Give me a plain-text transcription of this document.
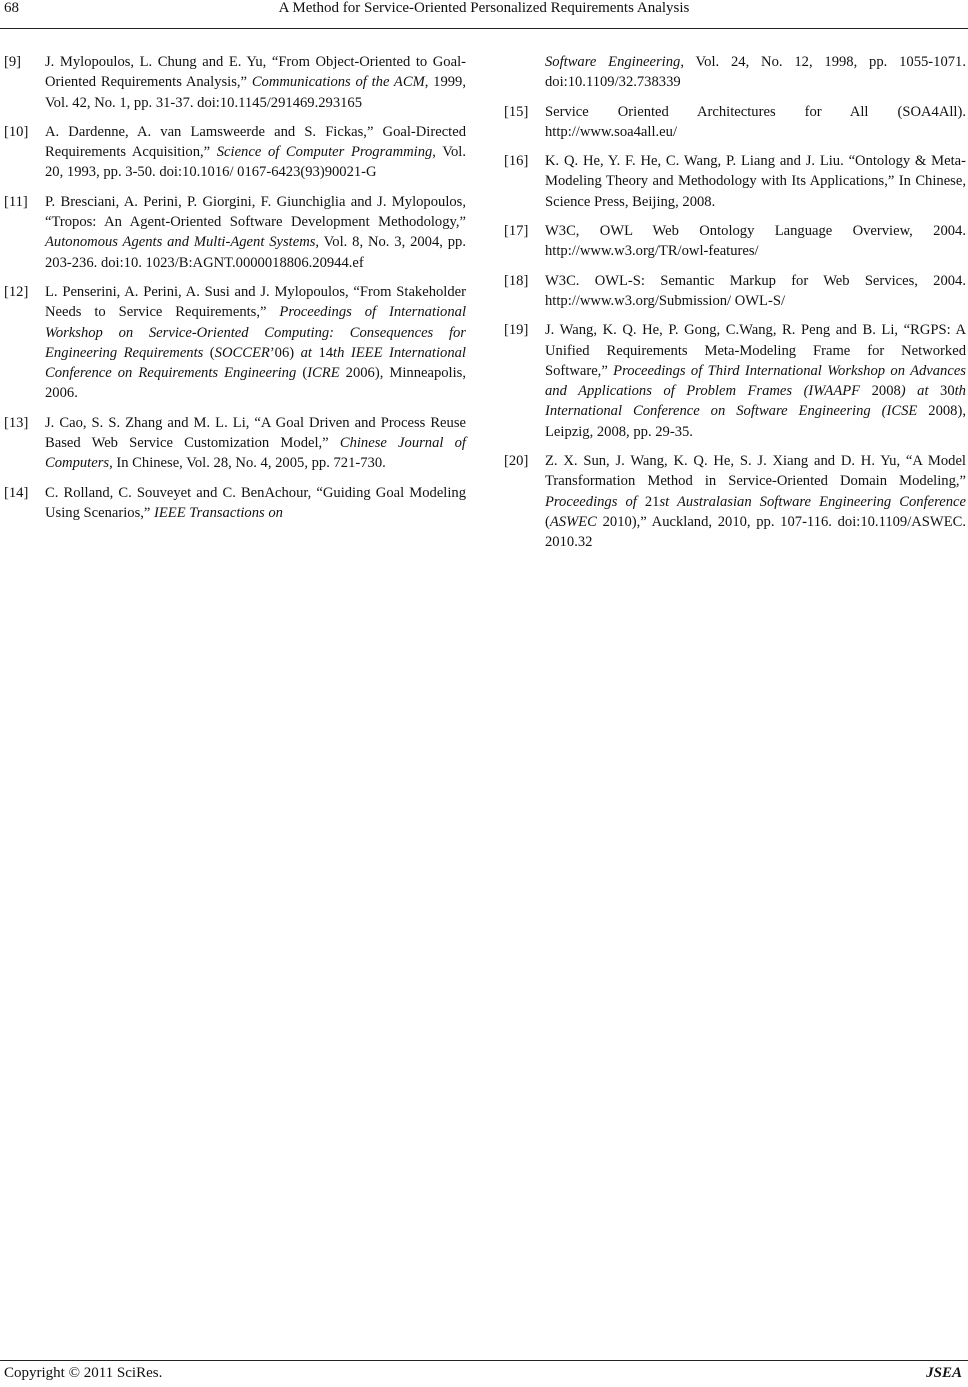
68	A Method for Service-Oriented Personalized Requirements Analysis
[9]	J. Mylopoulos, L. Chung and E. Yu, “From Object-Oriented to Goal-Oriented Requirements Analysis,” Communications of the ACM, 1999, Vol. 42, No. 1, pp. 31-37. doi:10.1145/291469.293165
[10]	A. Dardenne, A. van Lamsweerde and S. Fickas,” Goal-Directed Requirements Acquisition,” Science of Computer Programming, Vol. 20, 1993, pp. 3-50. doi:10.1016/ 0167-6423(93)90021-G
[11]	P. Bresciani, A. Perini, P. Giorgini, F. Giunchiglia and J. Mylopoulos, “Tropos: An Agent-Oriented Software Development Methodology,” Autonomous Agents and Multi-Agent Systems, Vol. 8, No. 3, 2004, pp. 203-236. doi:10. 1023/B:AGNT.0000018806.20944.ef
[12]	L. Penserini, A. Perini, A. Susi and J. Mylopoulos, “From Stakeholder Needs to Service Requirements,” Proceedings of International Workshop on Service-Oriented Computing: Consequences for Engineering Requirements (SOCCER’06) at 14th IEEE International Conference on Requirements Engineering (ICRE 2006), Minneapolis, 2006.
[13]	J. Cao, S. S. Zhang and M. L. Li, “A Goal Driven and Process Reuse Based Web Service Customization Model,” Chinese Journal of Computers, In Chinese, Vol. 28, No. 4, 2005, pp. 721-730.
[14]	C. Rolland, C. Souveyet and C. BenAchour, “Guiding Goal Modeling Using Scenarios,” IEEE Transactions on
Software Engineering, Vol. 24, No. 12, 1998, pp. 1055-1071. doi:10.1109/32.738339
[15]	Service Oriented Architectures for All (SOA4All). http://www.soa4all.eu/
[16]	K. Q. He, Y. F. He, C. Wang, P. Liang and J. Liu. “Ontology & Meta-Modeling Theory and Methodology with Its Applications,” In Chinese, Science Press, Beijing, 2008.
[17]	W3C, OWL Web Ontology Language Overview, 2004. http://www.w3.org/TR/owl-features/
[18]	W3C. OWL-S: Semantic Markup for Web Services, 2004. http://www.w3.org/Submission/ OWL-S/
[19]	J. Wang, K. Q. He, P. Gong, C.Wang, R. Peng and B. Li, “RGPS: A Unified Requirements Meta-Modeling Frame for Networked Software,” Proceedings of Third International Workshop on Advances and Applications of Problem Frames (IWAAPF 2008) at 30th International Conference on Software Engineering (ICSE 2008), Leipzig, 2008, pp. 29-35.
[20]	Z. X. Sun, J. Wang, K. Q. He, S. J. Xiang and D. H. Yu, “A Model Transformation Method in Service-Oriented Domain Modeling,” Proceedings of 21st Australasian Software Engineering Conference (ASWEC 2010),” Auckland, 2010, pp. 107-116. doi:10.1109/ASWEC. 2010.32
Copyright © 2011 SciRes.	JSEA
